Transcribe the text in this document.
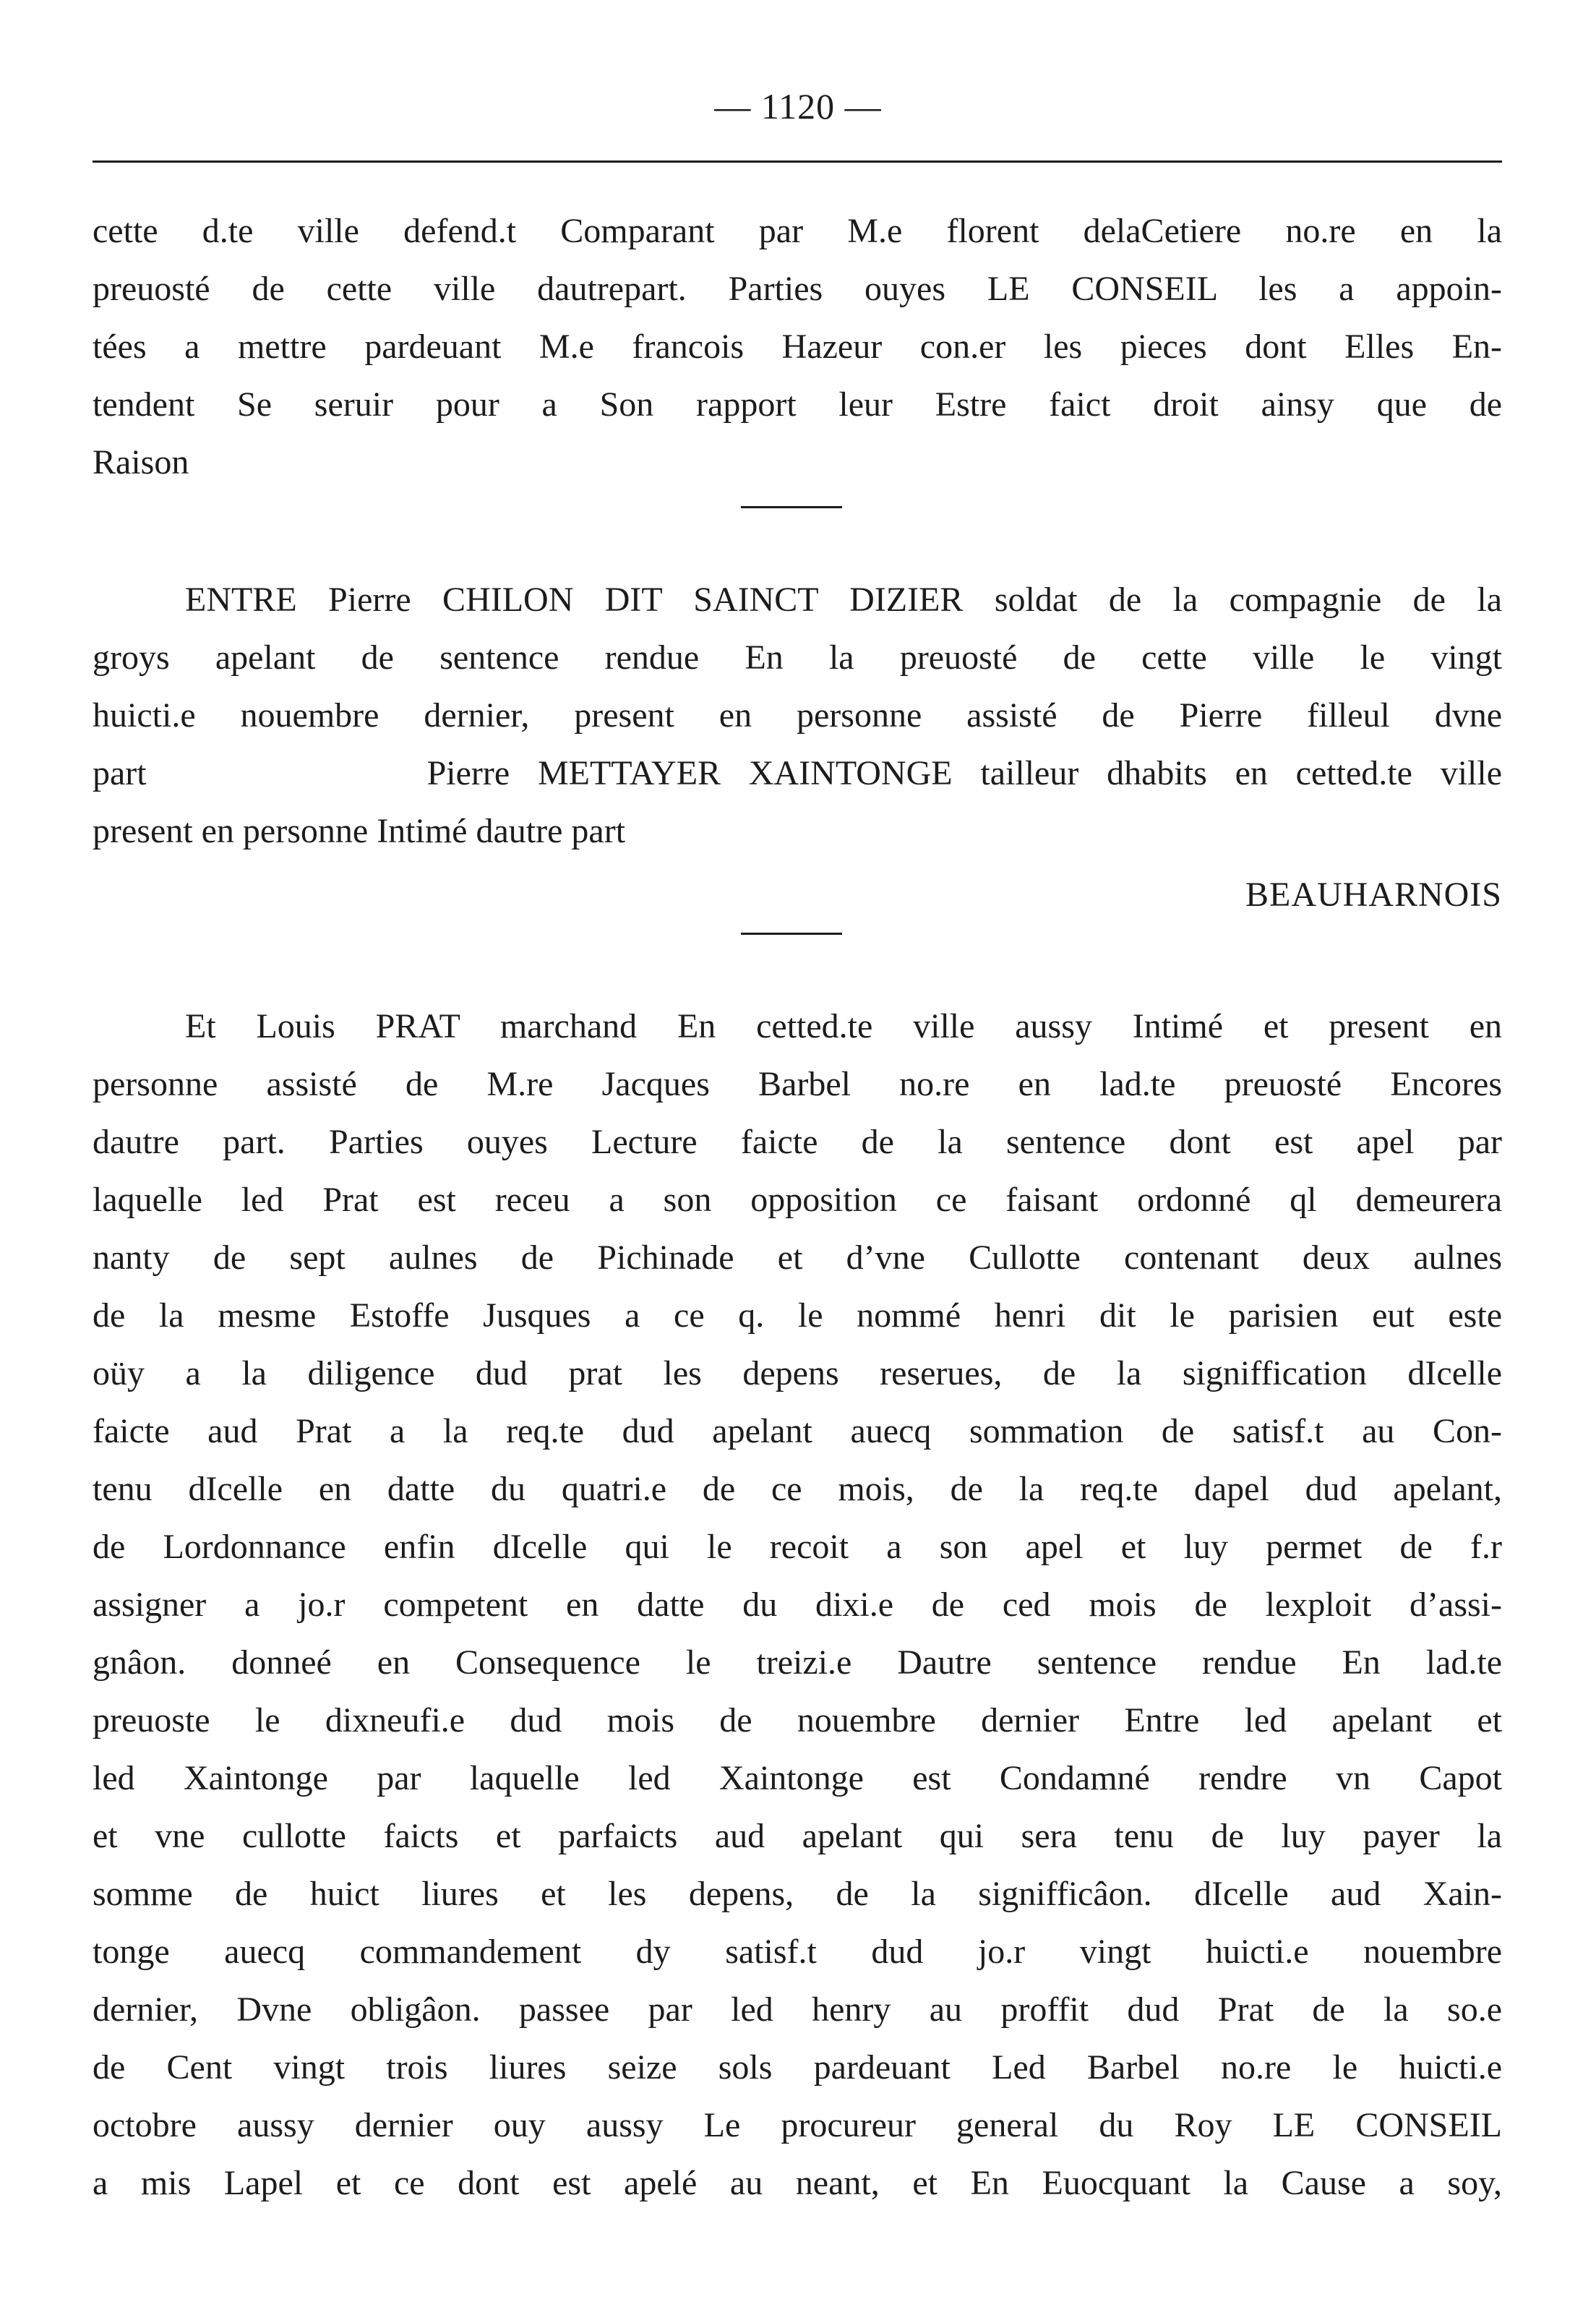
— 1120 —
cette d.te ville defend.t Comparant par M.e florent delaCetiere no.re en la
preuosté de cette ville dautrepart. Parties ouyes LE CONSEIL les a appoin-
tées a mettre pardeuant M.e francois Hazeur con.er les pieces dont Elles En-
tendent Se seruir pour a Son rapport leur Estre faict droit ainsy que de
Raison
ENTRE Pierre CHILON DIT SAINCT DIZIER soldat de la compagnie de la
groys apelant de sentence rendue En la preuosté de cette ville le vingt
huicti.e nouembre dernier, present en personne assisté de Pierre filleul dvne
part          Pierre METTAYER XAINTONGE tailleur dhabits en cetted.te ville
present en personne Intimé dautre part
BEAUHARNOIS
Et Louis PRAT marchand En cetted.te ville aussy Intimé et present en
personne assisté de M.re Jacques Barbel no.re en lad.te preuosté Encores
dautre part. Parties ouyes Lecture faicte de la sentence dont est apel par
laquelle led Prat est receu a son opposition ce faisant ordonné ql demeurera
nanty de sept aulnes de Pichinade et d’vne Cullotte contenant deux aulnes
de la mesme Estoffe Jusques a ce q. le nommé henri dit le parisien eut este
oüy a la diligence dud prat les depens reserues, de la signiffication dIcelle
faicte aud Prat a la req.te dud apelant auecq sommation de satisf.t au Con-
tenu dIcelle en datte du quatri.e de ce mois, de la req.te dapel dud apelant,
de Lordonnance enfin dIcelle qui le recoit a son apel et luy permet de f.r
assigner a jo.r competent en datte du dixi.e de ced mois de lexploit d’assi-
gnâon. donneé en Consequence le treizi.e Dautre sentence rendue En lad.te
preuoste le dixneufi.e dud mois de nouembre dernier Entre led apelant et
led Xaintonge par laquelle led Xaintonge est Condamné rendre vn Capot
et vne cullotte faicts et parfaicts aud apelant qui sera tenu de luy payer la
somme de huict liures et les depens, de la signifficâon. dIcelle aud Xain-
tonge auecq commandement dy satisf.t dud jo.r vingt huicti.e nouembre
dernier, Dvne obligâon. passee par led henry au proffit dud Prat de la so.e
de Cent vingt trois liures seize sols pardeuant Led Barbel no.re le huicti.e
octobre aussy dernier ouy aussy Le procureur general du Roy LE CONSEIL
a mis Lapel et ce dont est apelé au neant, et En Euocquant la Cause a soy,
